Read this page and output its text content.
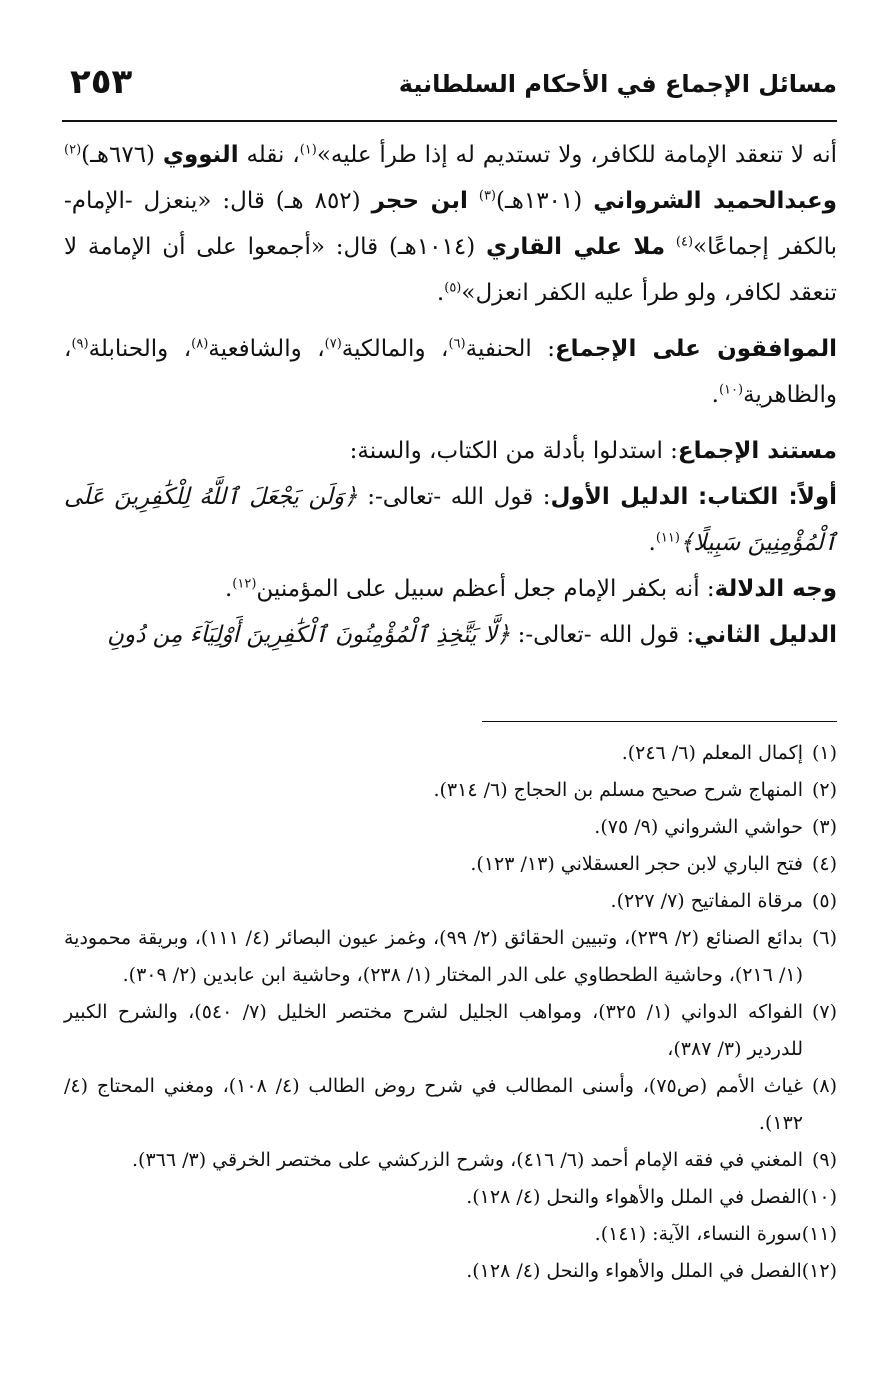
مسائل الإجماع في الأحكام السلطانية
٢٥٣

أنه لا تنعقد الإمامة للكافر، ولا تستديم له إذا طرأ عليه»$^{(١)}$، نقله النووي (٦٧٦هـ)$^{(٢)}$ وعبدالحميد الشرواني (١٣٠١هـ)$^{(٣)}$ ابن حجر (٨٥٢ هـ) قال: «ينعزل -الإمام- بالكفر إجماعًا»$^{(٤)}$ ملا علي القاري (١٠١٤هـ) قال: «أجمعوا على أن الإمامة لا تنعقد لكافر، ولو طرأ عليه الكفر انعزل»$^{(٥)}$.

الموافقون على الإجماع: الحنفية$^{(٦)}$، والمالكية$^{(٧)}$، والشافعية$^{(٨)}$، والحنابلة$^{(٩)}$، والظاهرية$^{(١٠)}$.

مستند الإجماع: استدلوا بأدلة من الكتاب، والسنة:

أولاً: الكتاب: الدليل الأول: قول الله -تعالى-: ﴿وَلَن يَجْعَلَ ٱللَّهُ لِلْكَٰفِرِينَ عَلَى ٱلْمُؤْمِنِينَ سَبِيلًا﴾$^{(١١)}$.

وجه الدلالة: أنه بكفر الإمام جعل أعظم سبيل على المؤمنين$^{(١٢)}$.

الدليل الثاني: قول الله -تعالى-: ﴿لَّا يَتَّخِذِ ٱلْمُؤْمِنُونَ ٱلْكَٰفِرِينَ أَوْلِيَآءَ مِن دُونِ

(١)
إكمال المعلم (٦/ ٢٤٦).
(٢)
المنهاج شرح صحيح مسلم بن الحجاج (٦/ ٣١٤).
(٣)
حواشي الشرواني (٩/ ٧٥).
(٤)
فتح الباري لابن حجر العسقلاني (١٣/ ١٢٣).
(٥)
مرقاة المفاتيح (٧/ ٢٢٧).
(٦)
بدائع الصنائع (٢/ ٢٣٩)، وتبيين الحقائق (٢/ ٩٩)، وغمز عيون البصائر (٤/ ١١١)، وبريقة محمودية (١/ ٢١٦)، وحاشية الطحطاوي على الدر المختار (١/ ٢٣٨)، وحاشية ابن عابدين (٢/ ٣٠٩).
(٧)
الفواكه الدواني (١/ ٣٢٥)، ومواهب الجليل لشرح مختصر الخليل (٧/ ٥٤٠)، والشرح الكبير للدردير (٣/ ٣٨٧)،
(٨)
غياث الأمم (ص٧٥)، وأسنى المطالب في شرح روض الطالب (٤/ ١٠٨)، ومغني المحتاج (٤/ ١٣٢).
(٩)
المغني في فقه الإمام أحمد (٦/ ٤١٦)، وشرح الزركشي على مختصر الخرقي (٣/ ٣٦٦).
(١٠)
الفصل في الملل والأهواء والنحل (٤/ ١٢٨).
(١١)
سورة النساء، الآية: (١٤١).
(١٢)
الفصل في الملل والأهواء والنحل (٤/ ١٢٨).
